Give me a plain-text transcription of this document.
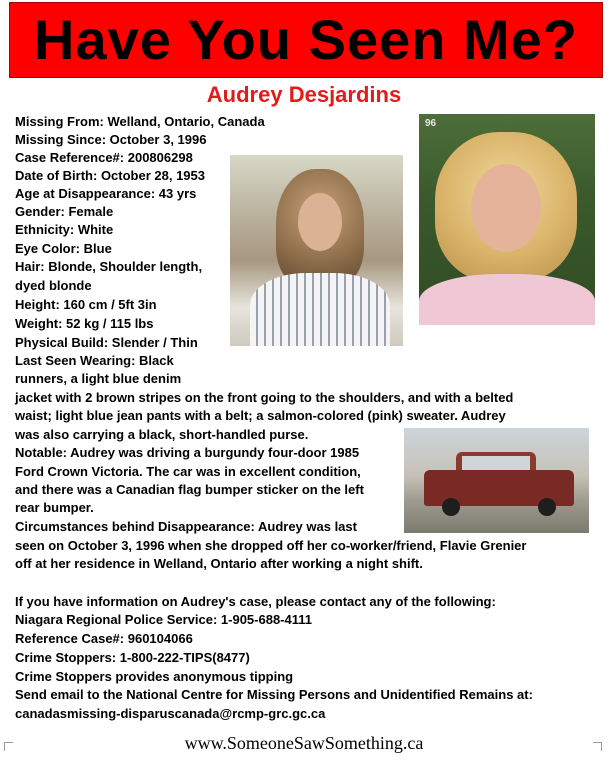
Have You Seen Me?
Audrey Desjardins
96
Missing From: Welland, Ontario, Canada
Missing Since: October 3, 1996
Case Reference#: 200806298
Date of Birth: October 28, 1953
Age at Disappearance: 43 yrs
Gender: Female
Ethnicity: White
Eye Color: Blue
Hair: Blonde, Shoulder length,
dyed blonde
Height: 160 cm / 5ft 3in
Weight: 52 kg / 115 lbs
Physical Build: Slender / Thin
Last Seen Wearing: Black
runners, a light blue denim
jacket with 2 brown stripes on the front going to the shoulders, and with a belted
waist; light blue jean pants with a belt; a salmon-colored (pink) sweater. Audrey
was also carrying a black, short-handled purse.
Notable: Audrey was driving a burgundy four-door 1985
Ford Crown Victoria. The car was in excellent condition,
and there was a Canadian flag bumper sticker on the left
rear bumper.
Circumstances behind Disappearance: Audrey was last
seen on October 3, 1996 when she dropped off her co-worker/friend, Flavie Grenier
off at her residence in Welland, Ontario after working a night shift.
If you have information on Audrey's case, please contact any of the following:
Niagara Regional Police Service: 1-905-688-4111
Reference Case#: 960104066
Crime Stoppers: 1-800-222-TIPS(8477)
Crime Stoppers provides anonymous tipping
Send email to the National Centre for Missing Persons and Unidentified Remains at:
canadasmissing-disparuscanada@rcmp-grc.gc.ca
www.SomeoneSawSomething.ca
